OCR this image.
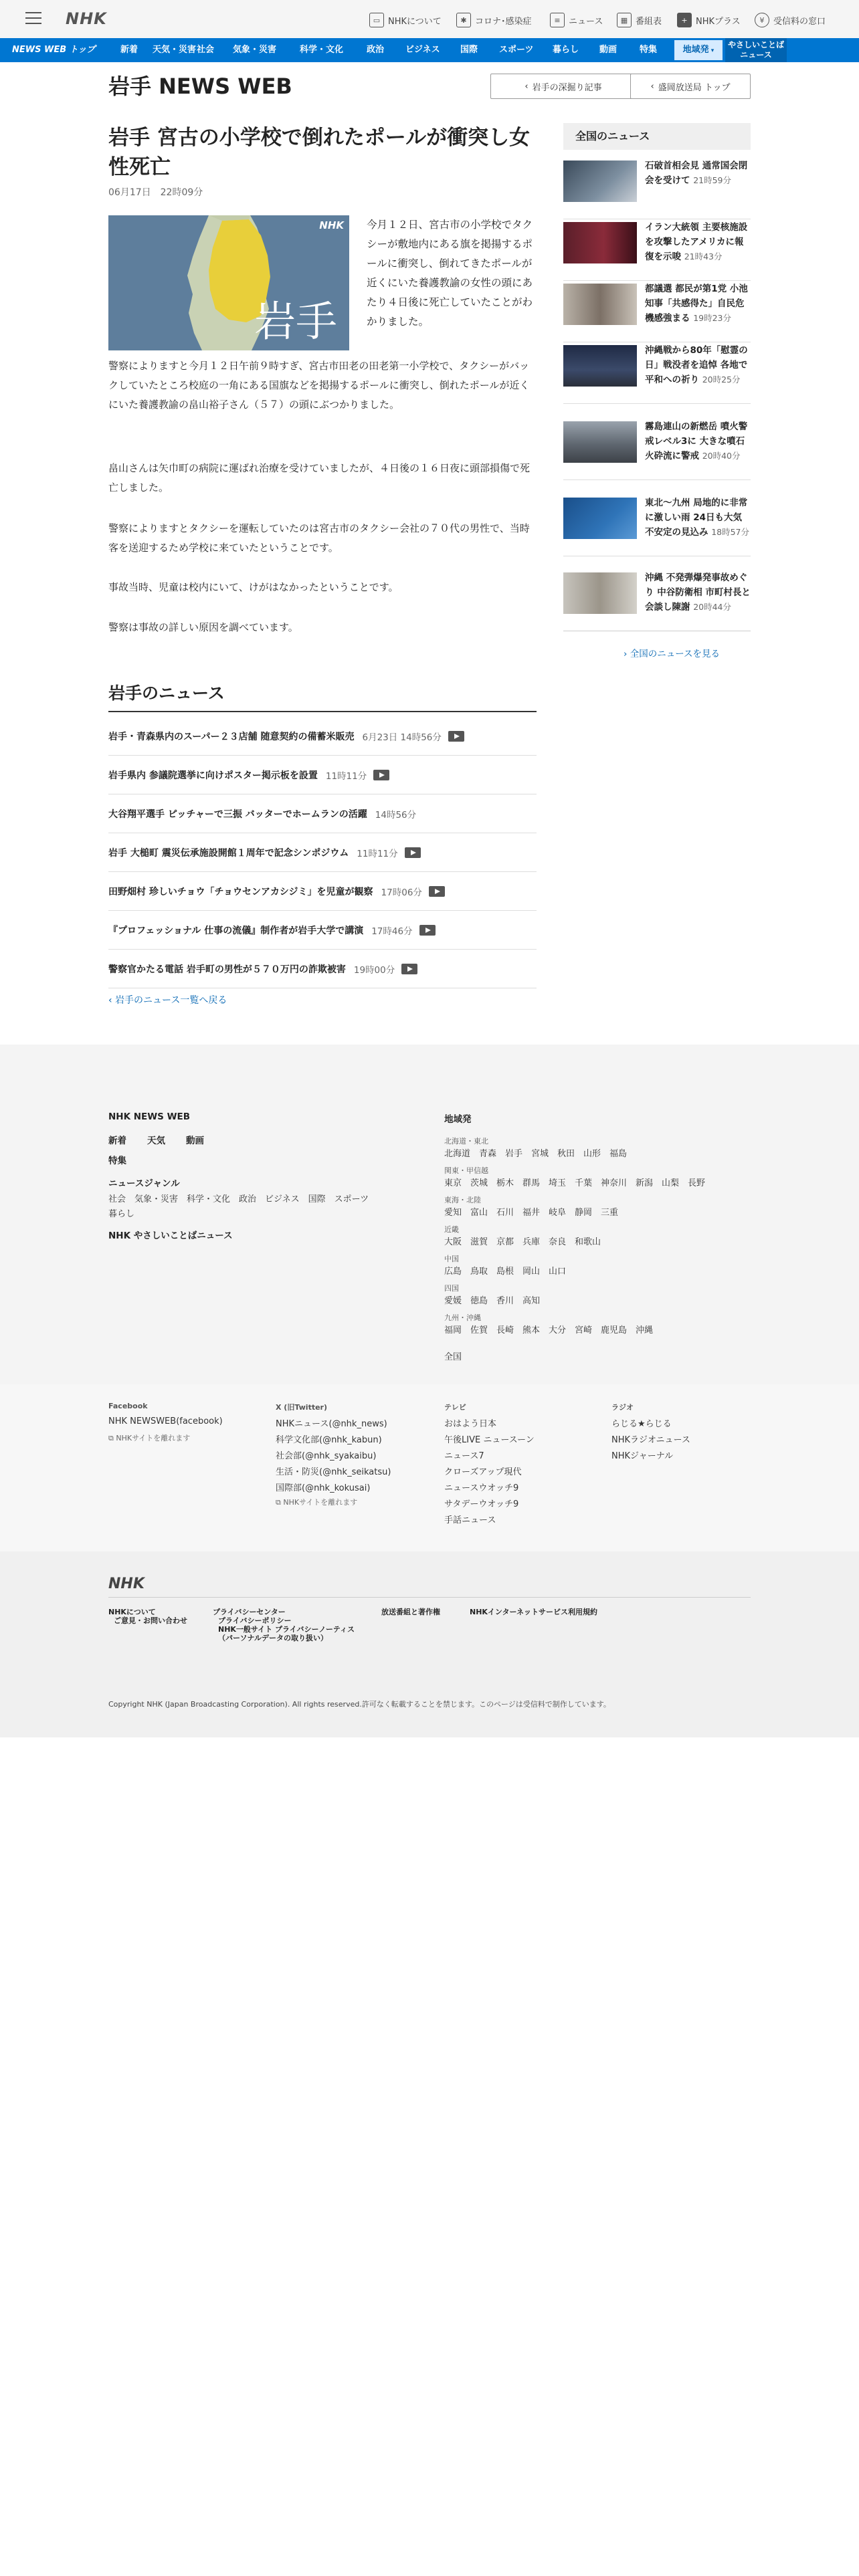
NHK	▭ NHKについて	✱ コロナ･感染症	≡ ニュース	▦ 番組表	+ NHKプラス	¥	受信料の窓口
NEWS WEB トップ	新着 天気・災害 社会 気象・災害	科学・文化	政治 ビジネス 国際 スポーツ 暮らし 動画	特集	地域発 ▾
やさしいことば
ニュース
岩手 NEWS WEB	‹ 岩手の深掘り記事	‹ 盛岡放送局 トップ
岩手 宮古の小学校で倒れたポールが衝突し女性死亡
06月17日　22時09分
NHK
岩手

今月１２日、宮古市の小学校でタクシーが敷地内にある旗を掲揚するポールに衝突し、倒れてきたポールが近くにいた養護教諭の女性の頭にあたり４日後に死亡していたことがわかりました。

警察によりますと今月１２日午前９時すぎ、宮古市田老の田老第一小学校で、タクシーがバックしていたところ校庭の一角にある国旗などを掲揚するポールに衝突し、倒れたポールが近くにいた養護教諭の畠山裕子さん（５７）の頭にぶつかりました。

畠山さんは矢巾町の病院に運ばれ治療を受けていましたが、４日後の１６日夜に頭部損傷で死亡しました。

警察によりますとタクシーを運転していたのは宮古市のタクシー会社の７０代の男性で、当時客を送迎するため学校に来ていたということです。

事故当時、児童は校内にいて、けがはなかったということです。

警察は事故の詳しい原因を調べています。

全国のニュース
石破首相会見 通常国会閉会を受けて 21時59分
イラン大統領 主要核施設を攻撃したアメリカに報復を示唆 21時43分
都議選 都民が第1党 小池知事「共感得た」自民危機感強まる 19時23分
沖縄戦から80年「慰霊の日」戦没者を追悼 各地で平和への祈り 20時25分
霧島連山の新燃岳 噴火警戒レベル3に 大きな噴石 火砕流に警戒 20時40分
東北～九州 局地的に非常に激しい雨 24日も大気不安定の見込み 18時57分
沖縄 不発弾爆発事故めぐり 中谷防衛相 市町村長と会談し陳謝 20時44分
› 全国のニュースを見る
岩手のニュース
岩手・青森県内のスーパー２３店舗 随意契約の備蓄米販売 6月23日 14時56分
岩手県内 参議院選挙に向けポスター掲示板を設置 11時11分
大谷翔平選手 ピッチャーで三振 バッターでホームランの活躍 14時56分
岩手 大槌町 震災伝承施設開館１周年で記念シンポジウム 11時11分
田野畑村 珍しいチョウ「チョウセンアカシジミ」を児童が観察 17時06分
『プロフェッショナル 仕事の流儀』制作者が岩手大学で講演 17時46分
警察官かたる電話 岩手町の男性が５７０万円の詐欺被害 19時00分
‹ 岩手のニュース一覧へ戻る
NHK NEWS WEB
新着 天気 動画
特集
ニュースジャンル
社会　気象・災害　科学・文化　政治　ビジネス　国際　スポーツ
暮らし
NHK やさしいことばニュース
地域発
北海道・東北
北海道　青森　岩手　宮城　秋田　山形　福島
関東・甲信越
東京　茨城　栃木　群馬　埼玉　千葉　神奈川　新潟　山梨　長野
東海・北陸
愛知　富山　石川　福井　岐阜　静岡　三重
近畿
大阪　滋賀　京都　兵庫　奈良　和歌山
中国
広島　鳥取　島根　岡山　山口
四国
愛媛　徳島　香川　高知
九州・沖縄
福岡　佐賀　長崎　熊本　大分　宮崎　鹿児島　沖縄
全国
Facebook
NHK NEWSWEB(facebook)
⧉ NHKサイトを離れます
X (旧Twitter)
NHKニュース(@nhk_news)
科学文化部(@nhk_kabun)
社会部(@nhk_syakaibu)
生活・防災(@nhk_seikatsu)
国際部(@nhk_kokusai)
⧉ NHKサイトを離れます
テレビ
おはよう日本
午後LIVE ニュースーン
ニュース7
クローズアップ現代
ニュースウオッチ9
サタデーウオッチ9
手話ニュース
ラジオ
らじる★らじる
NHKラジオニュース
NHKジャーナル
NHK
NHKについて
ご意見・お問い合わせ
プライバシーセンター
プライバシーポリシー
NHK一般サイト プライバシーノーティス
（パーソナルデータの取り扱い）
放送番組と著作権	NHKインターネットサービス利用規約
Copyright NHK (Japan Broadcasting Corporation). All rights reserved.許可なく転載することを禁じます。このページは受信料で制作しています。
